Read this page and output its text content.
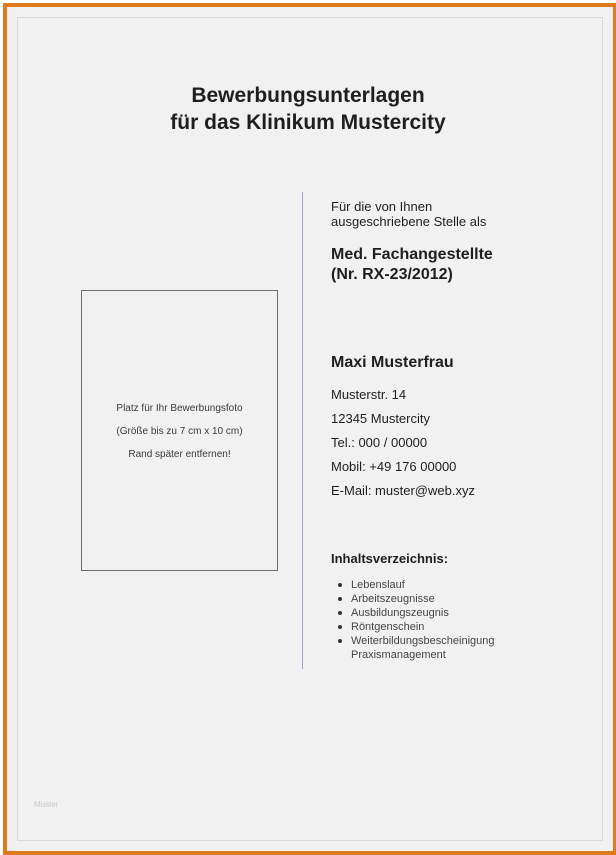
Bewerbungsunterlagen
für das Klinikum Mustercity
Platz für Ihr Bewerbungsfoto
(Größe bis zu 7 cm x 10 cm)
Rand später entfernen!
Für die von Ihnen
ausgeschriebene Stelle als
Med. Fachangestellte
(Nr. RX-23/2012)
Maxi Musterfrau
Musterstr. 14
12345 Mustercity
Tel.: 000 / 00000
Mobil: +49 176 00000
E-Mail: muster@web.xyz
Inhaltsverzeichnis:
Lebenslauf
Arbeitszeugnisse
Ausbildungszeugnis
Röntgenschein
Weiterbildungsbescheinigung
Praxismanagement
Muster
